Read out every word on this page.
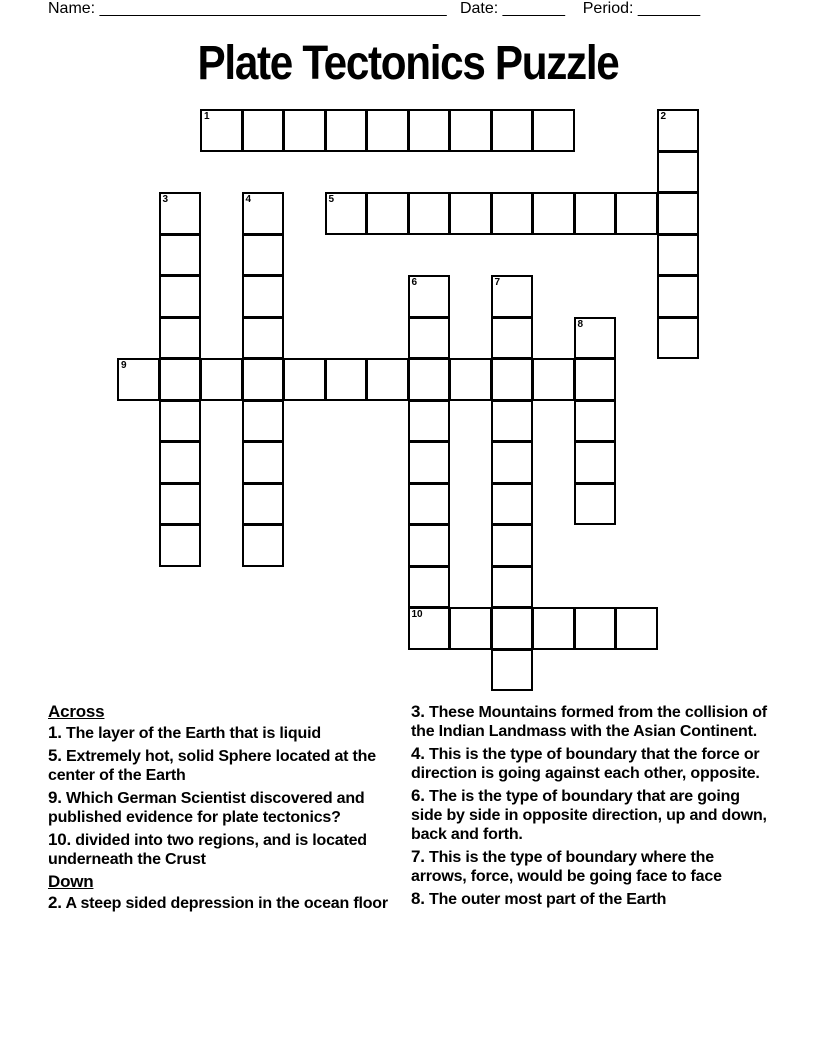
Name: _______________________________________ Date: _______ Period: _______
Plate Tectonics Puzzle
1	2
3	4	5
6
10
7
8
9
Across
1. The layer of the Earth that is liquid
5. Extremely hot, solid Sphere located at the center of the Earth
9. Which German Scientist discovered and published evidence for plate tectonics?
10. divided into two regions, and is located underneath the Crust
Down
2. A steep sided depression in the ocean floor
3. These Mountains formed from the collision of the Indian Landmass with the Asian Continent.
4. This is the type of boundary that the force or direction is going against each other, opposite.
6. The is the type of boundary that are going side by side in opposite direction, up and down, back and forth.
7. This is the type of boundary where the arrows, force, would be going face to face
8. The outer most part of the Earth
